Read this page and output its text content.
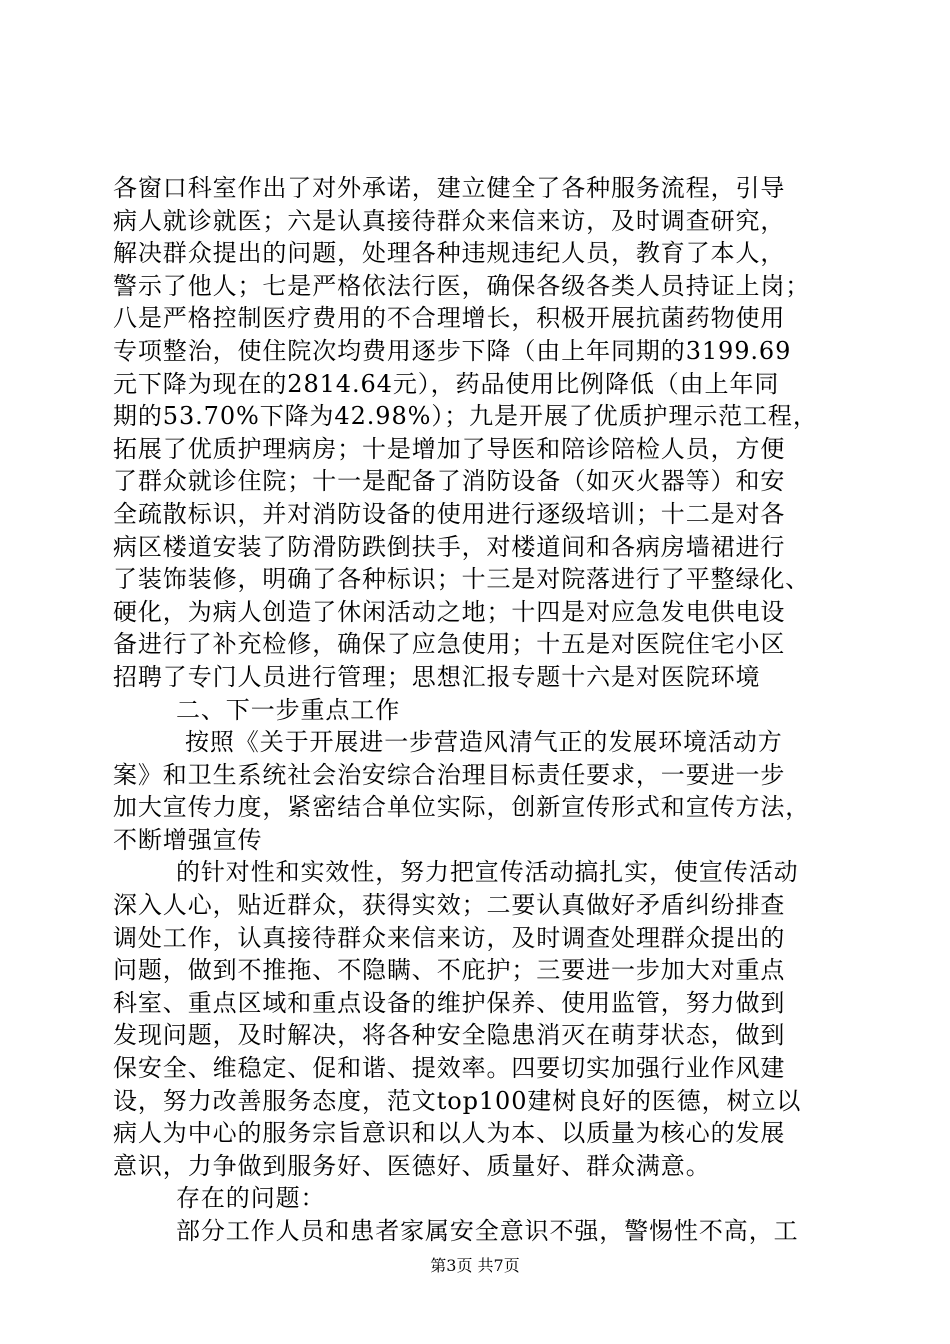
各窗口科室作出了对外承诺，建立健全了各种服务流程，引导
病人就诊就医；六是认真接待群众来信来访，及时调查研究，
解决群众提出的问题，处理各种违规违纪人员，教育了本人，
警示了他人；七是严格依法行医，确保各级各类人员持证上岗；
八是严格控制医疗费用的不合理增长，积极开展抗菌药物使用
专项整治，使住院次均费用逐步下降（由上年同期的3199.69
元下降为现在的2814.64元），药品使用比例降低（由上年同
期的53.70%下降为42.98%）；九是开展了优质护理示范工程，
拓展了优质护理病房；十是增加了导医和陪诊陪检人员，方便
了群众就诊住院；十一是配备了消防设备（如灭火器等）和安
全疏散标识，并对消防设备的使用进行逐级培训；十二是对各
病区楼道安装了防滑防跌倒扶手，对楼道间和各病房墙裙进行
了装饰装修，明确了各种标识；十三是对院落进行了平整绿化、
硬化，为病人创造了休闲活动之地；十四是对应急发电供电设
备进行了补充检修，确保了应急使用；十五是对医院住宅小区
招聘了专门人员进行管理；思想汇报专题十六是对医院环境
二、下一步重点工作
按照《关于开展进一步营造风清气正的发展环境活动方
案》和卫生系统社会治安综合治理目标责任要求，一要进一步
加大宣传力度，紧密结合单位实际，创新宣传形式和宣传方法，
不断增强宣传
的针对性和实效性，努力把宣传活动搞扎实，使宣传活动
深入人心，贴近群众，获得实效；二要认真做好矛盾纠纷排查
调处工作，认真接待群众来信来访，及时调查处理群众提出的
问题，做到不推拖、不隐瞒、不庇护；三要进一步加大对重点
科室、重点区域和重点设备的维护保养、使用监管，努力做到
发现问题，及时解决，将各种安全隐患消灭在萌芽状态，做到
保安全、维稳定、促和谐、提效率。四要切实加强行业作风建
设，努力改善服务态度，范文top100建树良好的医德，树立以
病人为中心的服务宗旨意识和以人为本、以质量为核心的发展
意识，力争做到服务好、医德好、质量好、群众满意。
存在的问题：
部分工作人员和患者家属安全意识不强，警惕性不高，工
第3页 共7页
